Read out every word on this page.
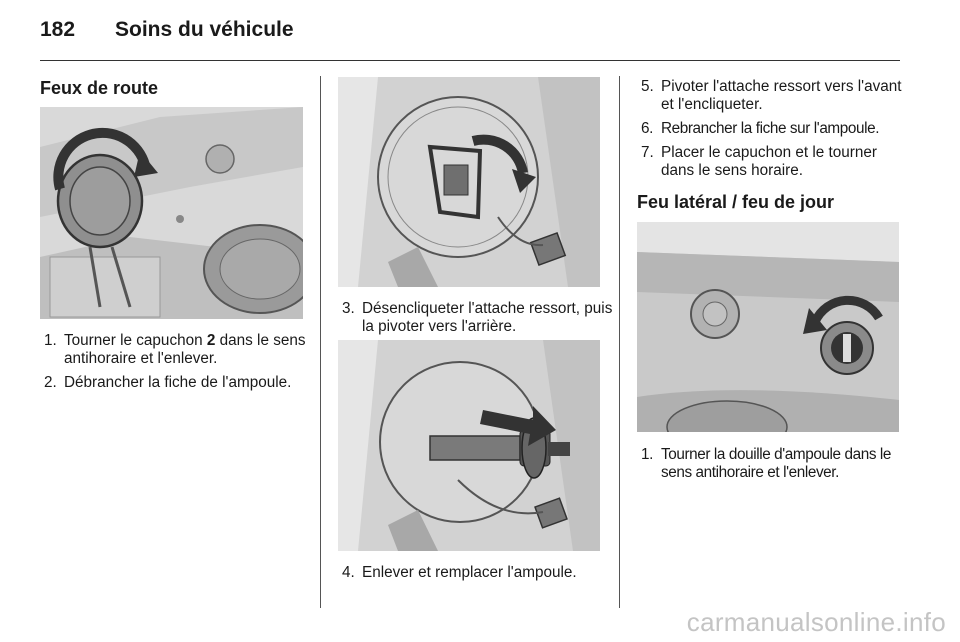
182 Soins du véhicule
Feux de route
1. Tourner le capuchon 2 dans le sens antihoraire et l'enlever.
2. Débrancher la fiche de l'ampoule.
3. Désencliqueter l'attache ressort, puis la pivoter vers l'arrière.
4. Enlever et remplacer l'ampoule.
5. Pivoter l'attache ressort vers l'avant et l'encliqueter.
6. Rebrancher la fiche sur l'ampoule.
7. Placer le capuchon et le tourner dans le sens horaire.
Feu latéral / feu de jour
1. Tourner la douille d'ampoule dans le sens antihoraire et l'enlever.
carmanualsonline.info
